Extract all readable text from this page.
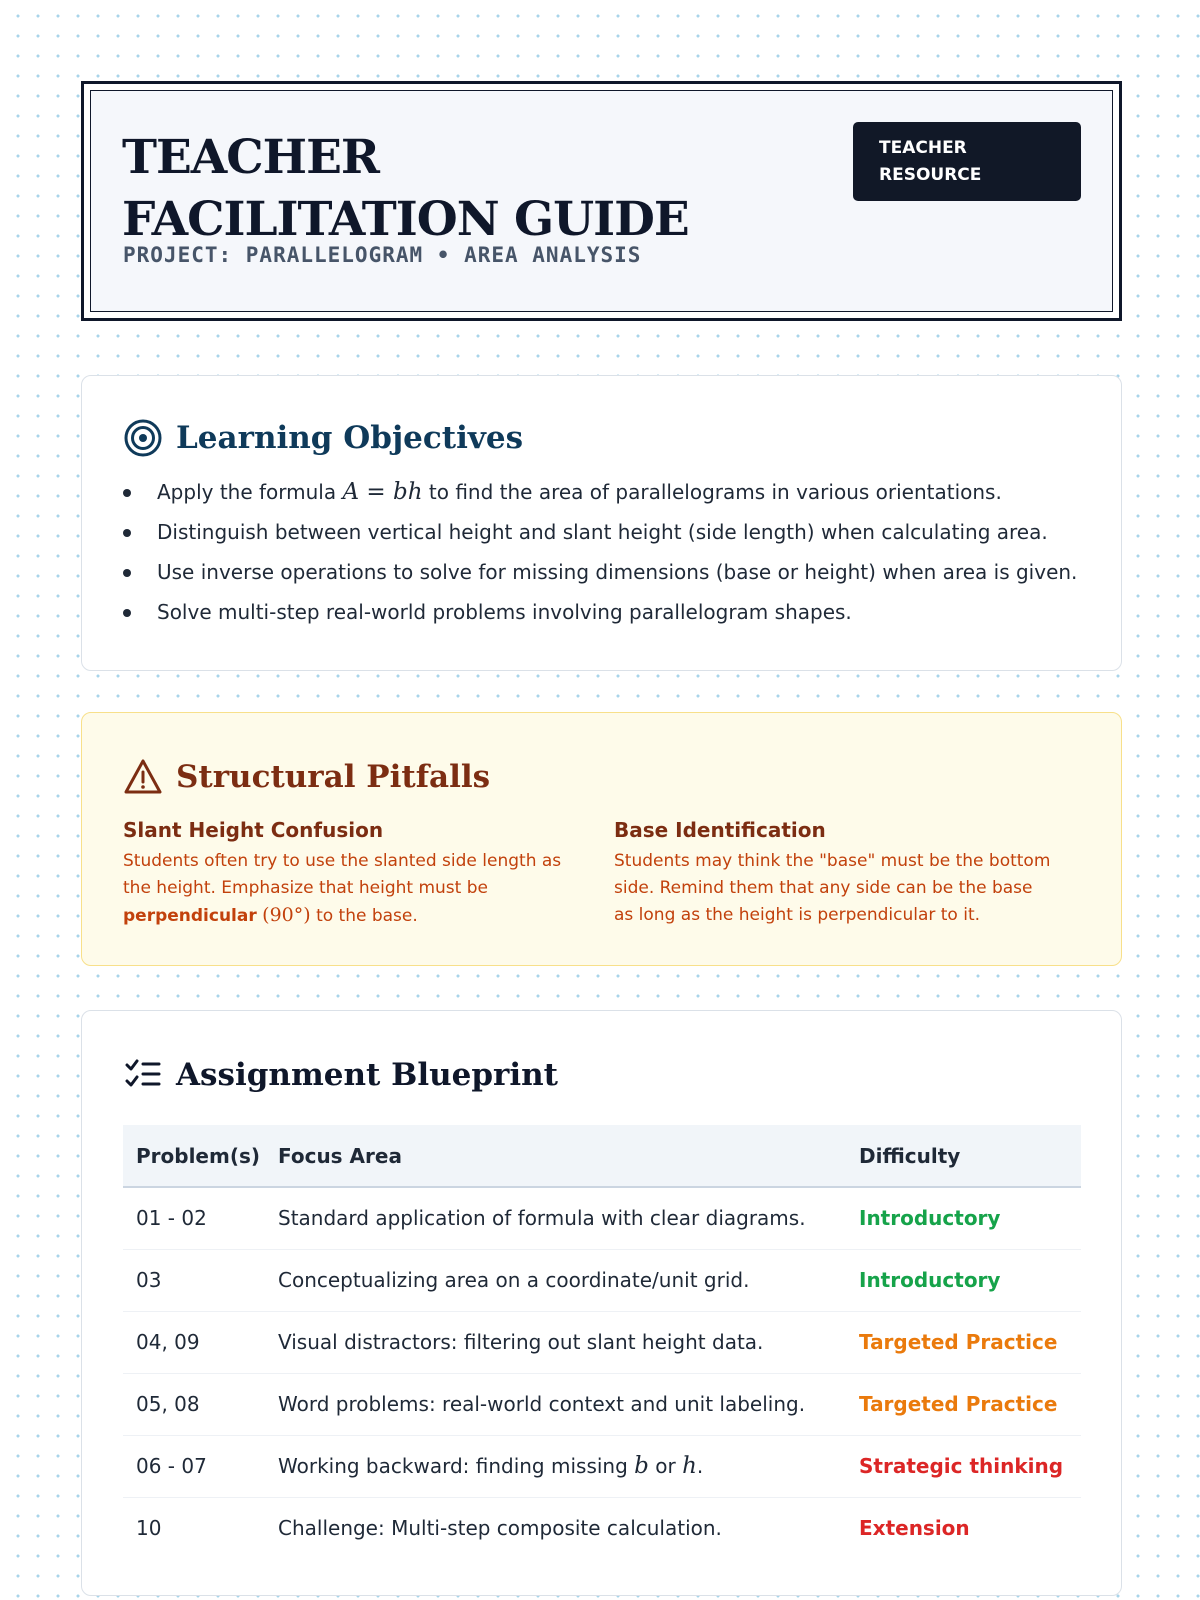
TEACHER FACILITATION GUIDE
PROJECT: PARALLELOGRAM • AREA ANALYSIS
TEACHER RESOURCE
Learning Objectives
Apply the formula A = bh to find the area of parallelograms in various orientations.
Distinguish between vertical height and slant height (side length) when calculating area.
Use inverse operations to solve for missing dimensions (base or height) when area is given.
Solve multi-step real-world problems involving parallelogram shapes.
Structural Pitfalls
Slant Height Confusion

Students often try to use the slanted side length as the height. Emphasize that height must be perpendicular (90°) to the base.

Base Identification

Students may think the "base" must be the bottom side. Remind them that any side can be the base as long as the height is perpendicular to it.

Assignment Blueprint
Problem(s)	Focus Area	Difficulty
01 - 02	Standard application of formula with clear diagrams.	Introductory
03	Conceptualizing area on a coordinate/unit grid.	Introductory
04, 09	Visual distractors: filtering out slant height data.	Targeted Practice
05, 08	Word problems: real-world context and unit labeling.	Targeted Practice
06 - 07	Working backward: finding missing b or h.	Strategic thinking
10	Challenge: Multi-step composite calculation.	Extension
